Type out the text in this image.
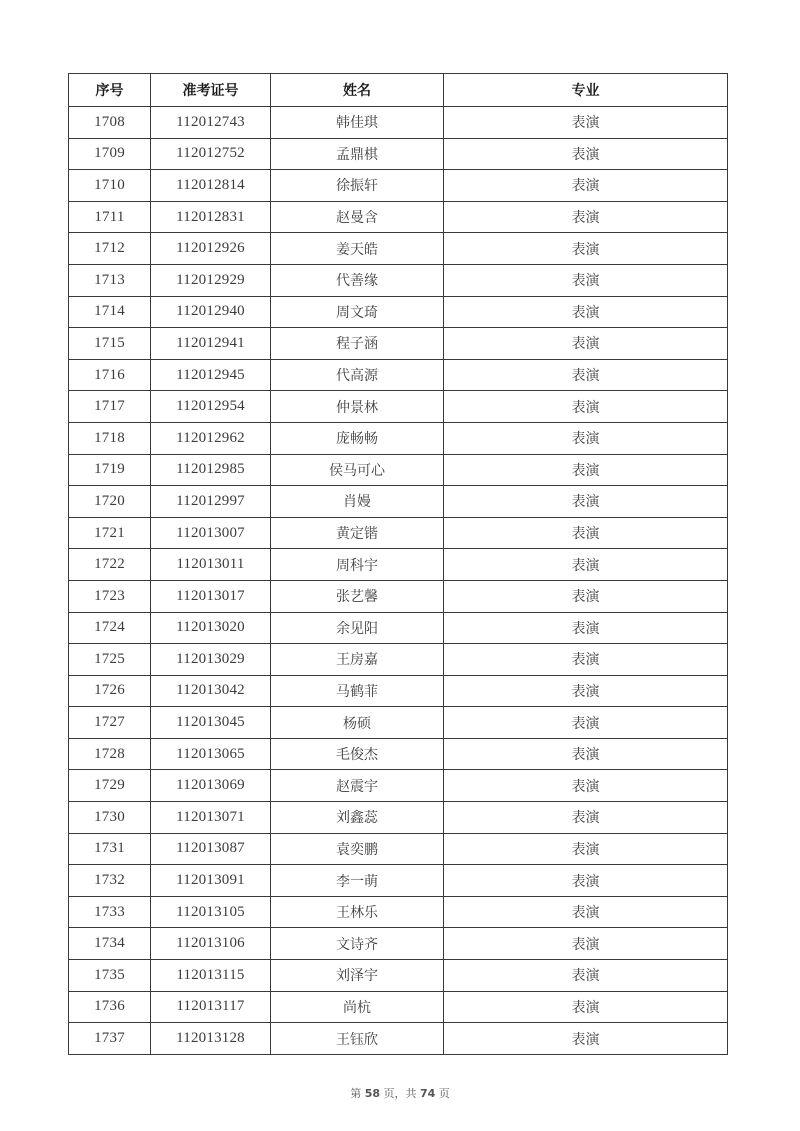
序号	准考证号	姓名	专业
1708	112012743	韩佳琪	表演
1709	112012752	孟鼎棋	表演
1710	112012814	徐振轩	表演
1711	112012831	赵曼含	表演
1712	112012926	姜天皓	表演
1713	112012929	代善缘	表演
1714	112012940	周文琦	表演
1715	112012941	程子涵	表演
1716	112012945	代高源	表演
1717	112012954	仲景林	表演
1718	112012962	庞畅畅	表演
1719	112012985	侯马可心	表演
1720	112012997	肖嫚	表演
1721	112013007	黄定锴	表演
1722	112013011	周科宇	表演
1723	112013017	张艺馨	表演
1724	112013020	余见阳	表演
1725	112013029	王房嘉	表演
1726	112013042	马鹤菲	表演
1727	112013045	杨硕	表演
1728	112013065	毛俊杰	表演
1729	112013069	赵震宇	表演
1730	112013071	刘鑫蕊	表演
1731	112013087	袁奕鹏	表演
1732	112013091	李一萌	表演
1733	112013105	王林乐	表演
1734	112013106	文诗齐	表演
1735	112013115	刘泽宇	表演
1736	112013117	尚杭	表演
1737	112013128	王钰欣	表演
第 58 页，共 74 页
